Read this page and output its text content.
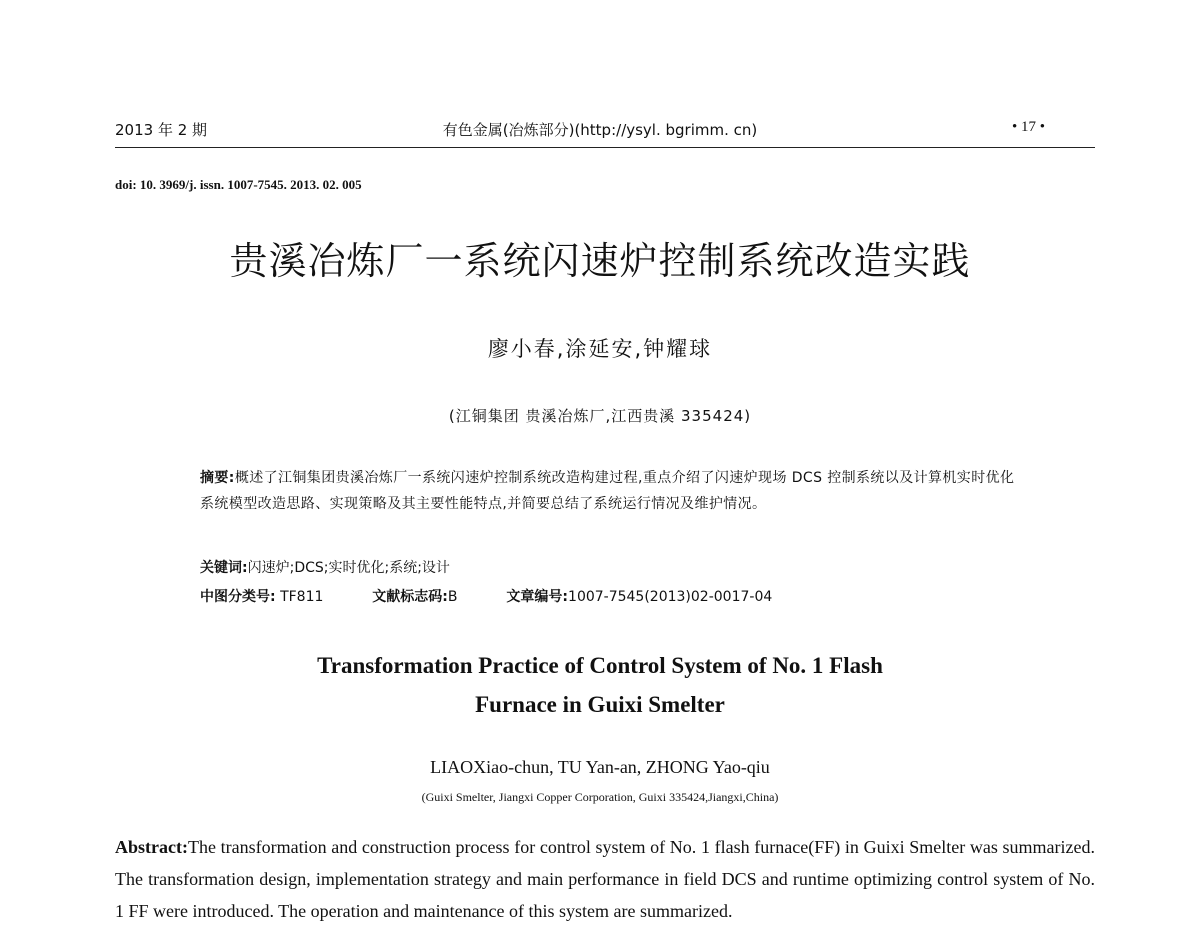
2013 年 2 期	有色金属(冶炼部分)(http://ysyl. bgrimm. cn)	• 17 •
doi: 10. 3969/j. issn. 1007-7545. 2013. 02. 005
贵溪冶炼厂一系统闪速炉控制系统改造实践
廖小春,涂延安,钟耀球
(江铜集团 贵溪冶炼厂,江西贵溪 335424)
摘要:概述了江铜集团贵溪冶炼厂一系统闪速炉控制系统改造构建过程,重点介绍了闪速炉现场 DCS 控制系统以及计算机实时优化系统模型改造思路、实现策略及其主要性能特点,并简要总结了系统运行情况及维护情况。
关键词:闪速炉;DCS;实时优化;系统;设计
中图分类号: TF811	文献标志码:B	文章编号:1007-7545(2013)02-0017-04
Transformation Practice of Control System of No. 1 Flash
Furnace in Guixi Smelter
LIAOXiao-chun, TU Yan-an, ZHONG Yao-qiu
(Guixi Smelter, Jiangxi Copper Corporation, Guixi 335424,Jiangxi,China)
Abstract:The transformation and construction process for control system of No. 1 flash furnace(FF) in Guixi Smelter was summarized. The transformation design, implementation strategy and main performance in field DCS and runtime optimizing control system of No. 1 FF were introduced. The operation and maintenance of this system are summarized.
